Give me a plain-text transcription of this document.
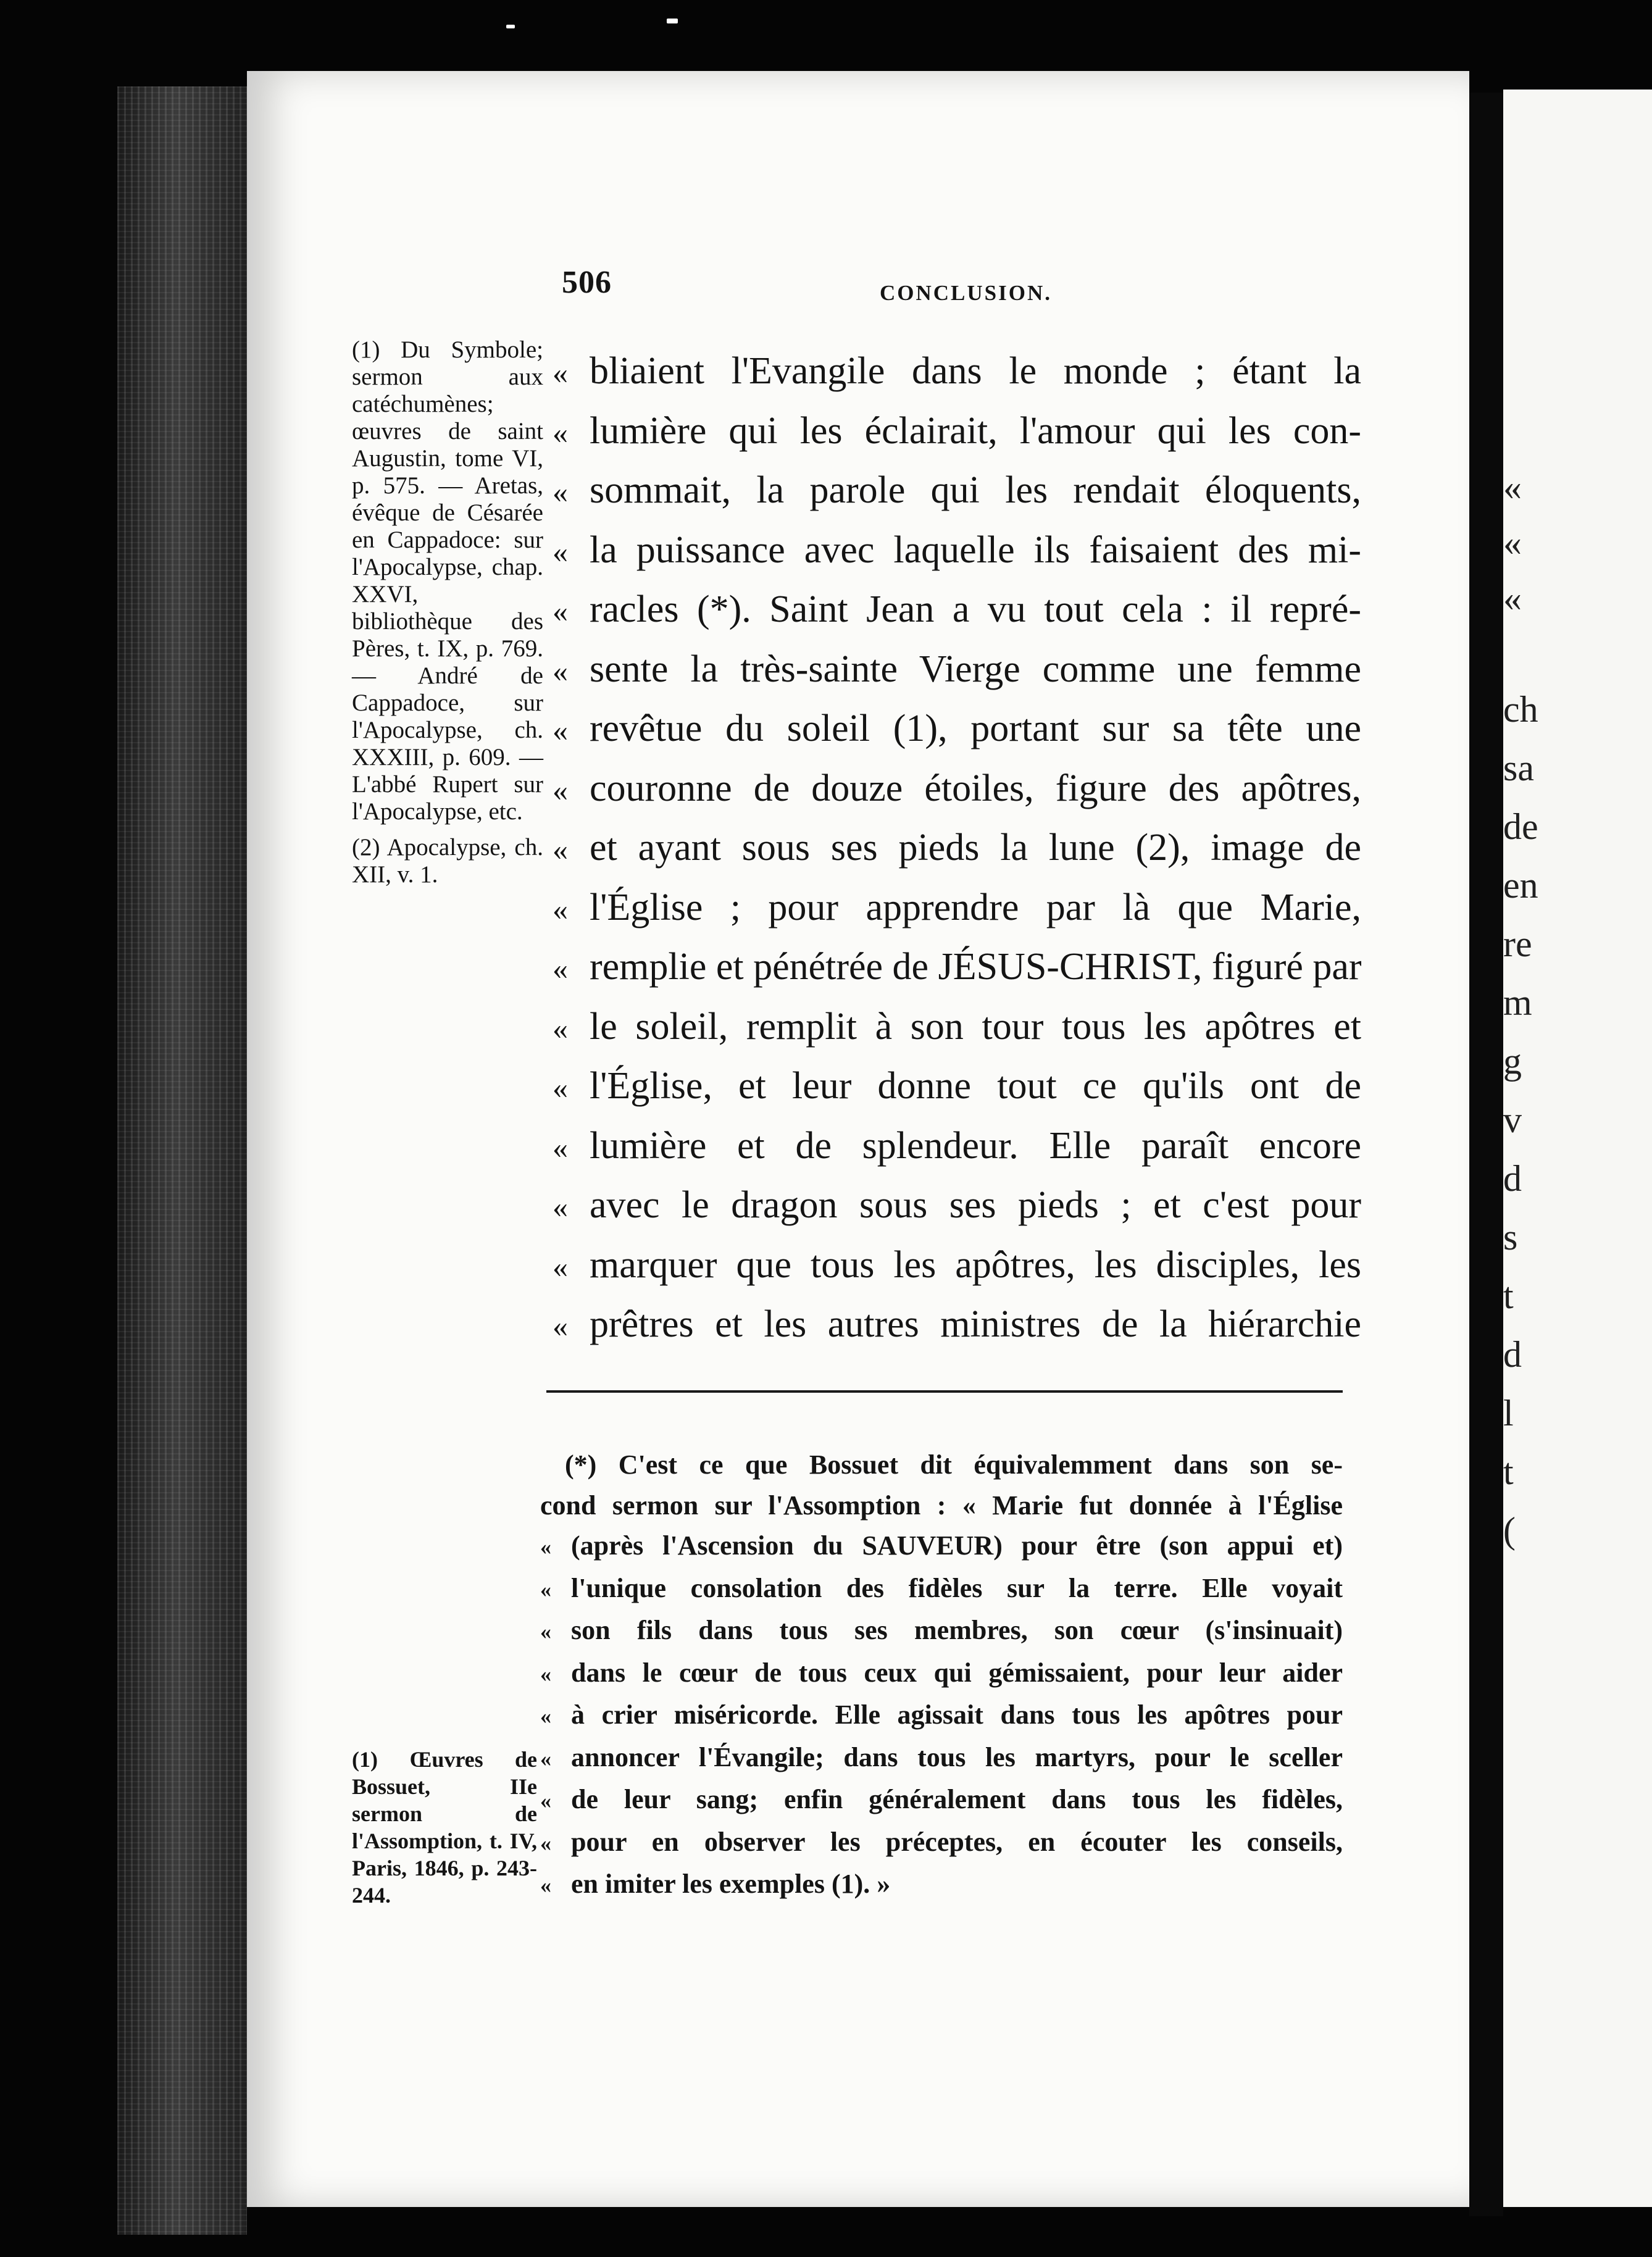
«
«
«
ch
sa
de
en
re
m
g
v
d
s
t
d
l
t
(
506	CONCLUSION.

(1) Du Symbole; sermon aux catéchumènes; œuvres de saint Augustin, tome VI, p. 575. — Aretas, évêque de Césarée en Cappadoce: sur l'Apocalypse, chap. XXVI, bibliothèque des Pères, t. IX, p. 769. — André de Cappadoce, sur l'Apocalypse, ch. XXXIII, p. 609. — L'abbé Rupert sur l'Apocalypse, etc.

(2) Apocalypse, ch. XII, v. 1.

(1) Œuvres de Bossuet, IIe sermon de l'Assomption, t. IV, Paris, 1846, p. 243-244.

« bliaient l'Evangile dans le monde ; étant la
« lumière qui les éclairait, l'amour qui les con-
« sommait, la parole qui les rendait éloquents,
« la puissance avec laquelle ils faisaient des mi-
« racles (*). Saint Jean a vu tout cela : il repré-
« sente la très-sainte Vierge comme une femme
« revêtue du soleil (1), portant sur sa tête une
« couronne de douze étoiles, figure des apôtres,
« et ayant sous ses pieds la lune (2), image de
« l'Église ; pour apprendre par là que Marie,
« remplie et pénétrée de JÉSUS-CHRIST, figuré par
« le soleil, remplit à son tour tous les apôtres et
« l'Église, et leur donne tout ce qu'ils ont de
« lumière et de splendeur. Elle paraît encore
« avec le dragon sous ses pieds ; et c'est pour
« marquer que tous les apôtres, les disciples, les
« prêtres et les autres ministres de la hiérarchie
(*) C'est ce que Bossuet dit équivalemment dans son se-
cond sermon sur l'Assomption : « Marie fut donnée à l'Église
« (après l'Ascension du SAUVEUR) pour être (son appui et)
« l'unique consolation des fidèles sur la terre. Elle voyait
« son fils dans tous ses membres, son cœur (s'insinuait)
« dans le cœur de tous ceux qui gémissaient, pour leur aider
« à crier miséricorde. Elle agissait dans tous les apôtres pour
« annoncer l'Évangile; dans tous les martyrs, pour le sceller
« de leur sang; enfin généralement dans tous les fidèles,
« pour en observer les préceptes, en écouter les conseils,
« en imiter les exemples (1). »
